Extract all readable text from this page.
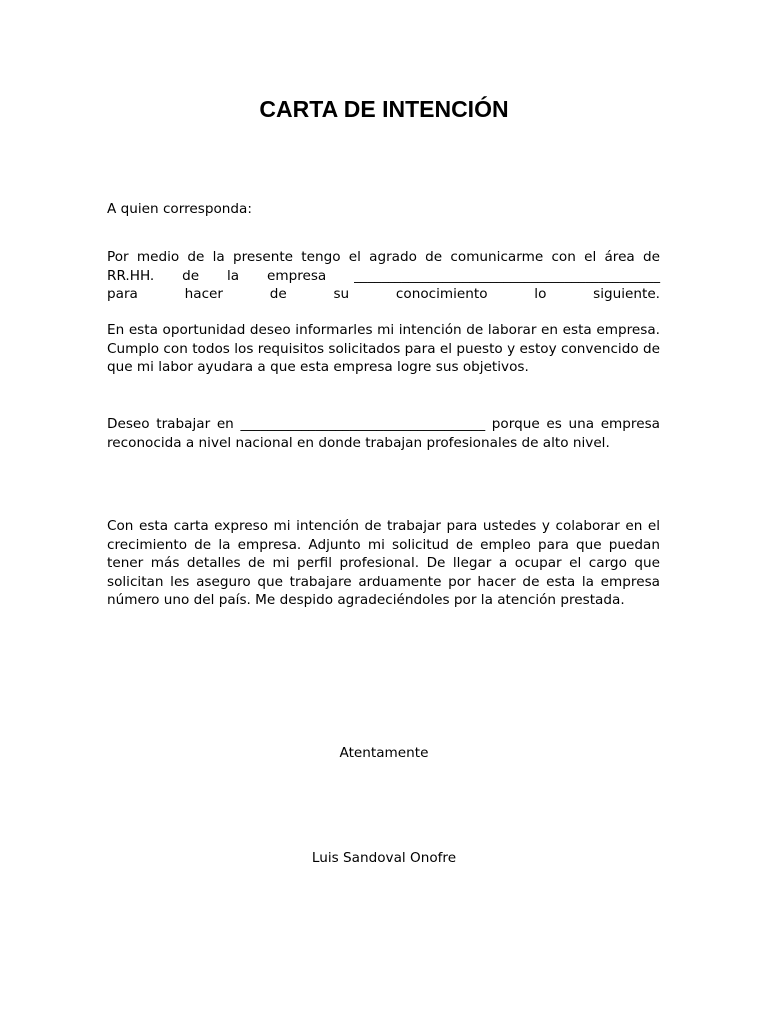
CARTA DE INTENCIÓN

A quien corresponda:

Por medio de la presente tengo el agrado de comunicarme con el área de
RR.HH. de la empresa _____________________________________________
para hacer de su conocimiento lo siguiente.

En esta oportunidad deseo informarles mi intención de laborar en esta empresa. Cumplo con todos los requisitos solicitados para el puesto y estoy convencido de que mi labor ayudara a que esta empresa logre sus objetivos.

Deseo trabajar en ____________________________________ porque es una empresa reconocida a nivel nacional en donde trabajan profesionales de alto nivel.

Con esta carta expreso mi intención de trabajar para ustedes y colaborar en el crecimiento de la empresa. Adjunto mi solicitud de empleo para que puedan tener más detalles de mi perfil profesional. De llegar a ocupar el cargo que solicitan les aseguro que trabajare arduamente por hacer de esta la empresa número uno del país. Me despido agradeciéndoles por la atención prestada.

Atentamente

Luis Sandoval Onofre
